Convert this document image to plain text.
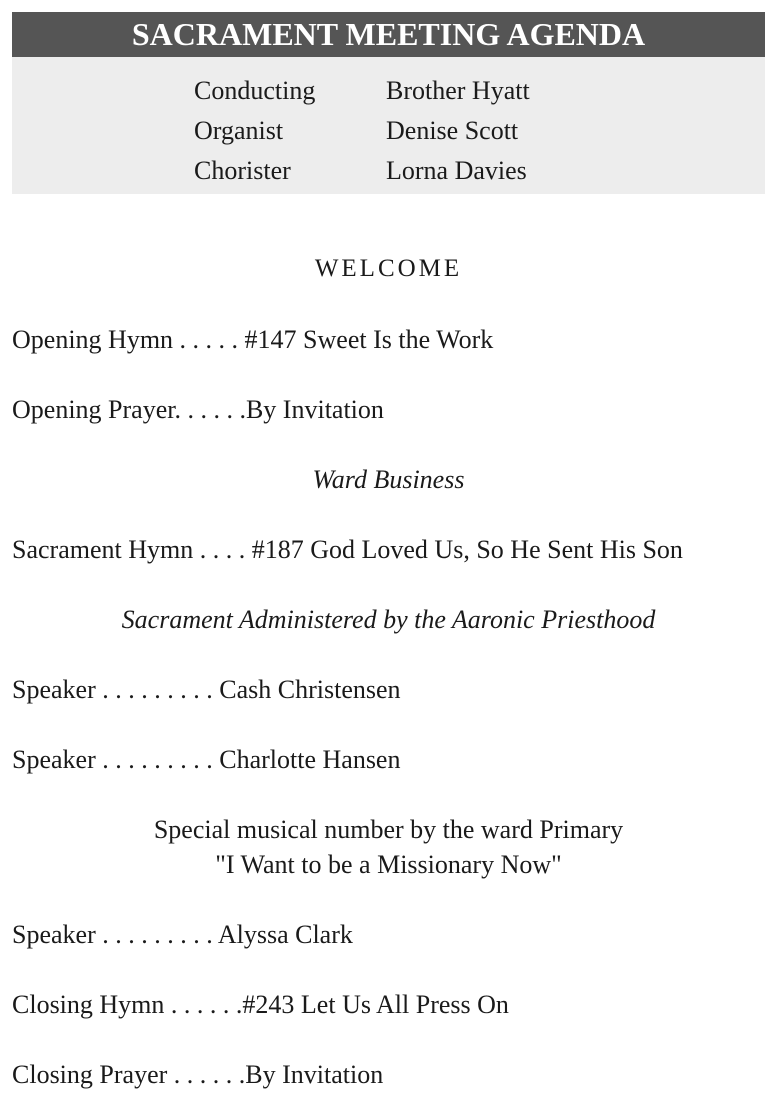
SACRAMENT MEETING AGENDA
Conducting	Brother Hyatt
Organist	Denise Scott
Chorister	Lorna Davies
WELCOME
Opening Hymn . . . . . #147 Sweet Is the Work
Opening Prayer. . . . . .By Invitation
Ward Business
Sacrament Hymn . . . . #187 God Loved Us, So He Sent His Son
Sacrament Administered by the Aaronic Priesthood
Speaker . . . . . . . . . Cash Christensen
Speaker . . . . . . . . . Charlotte Hansen
Special musical number by the ward Primary
"I Want to be a Missionary Now"
Speaker . . . . . . . . . Alyssa Clark
Closing Hymn . . . . . .#243 Let Us All Press On
Closing Prayer . . . . . .By Invitation
